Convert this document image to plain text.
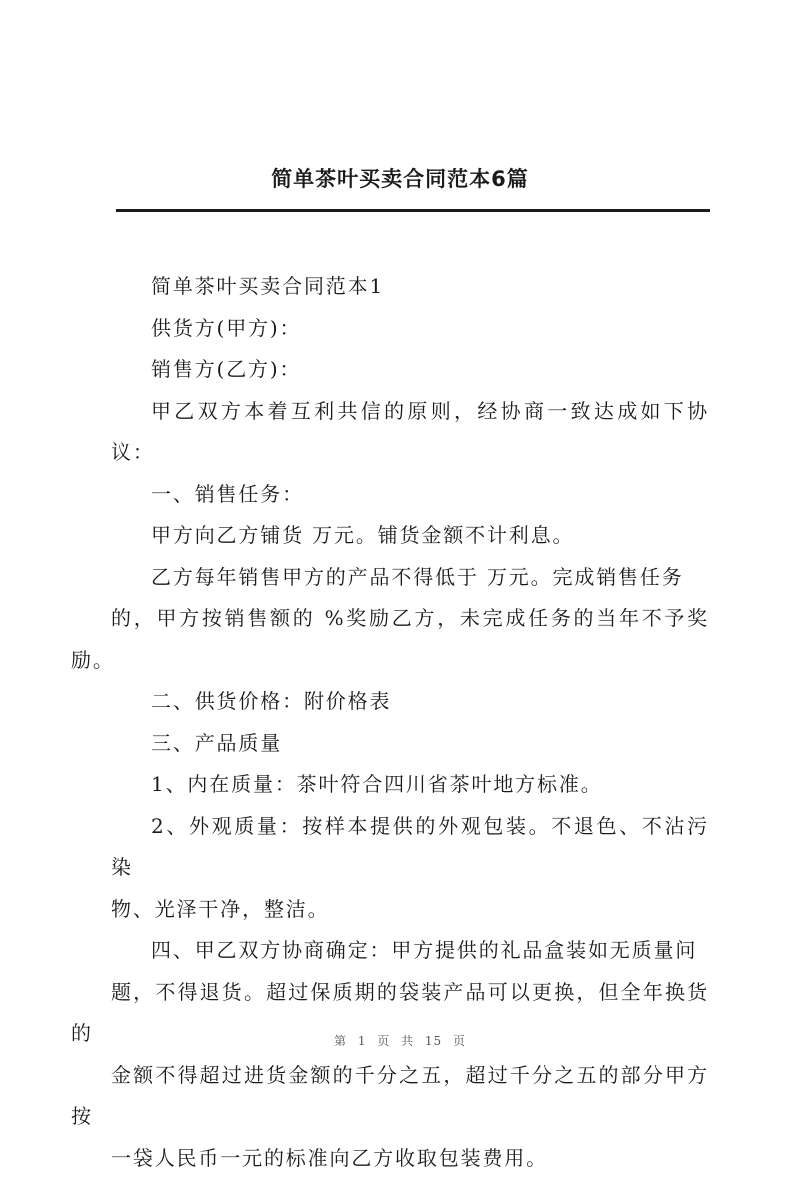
简单茶叶买卖合同范本6篇

简单茶叶买卖合同范本1

供货方(甲方)：

销售方(乙方)：

甲乙双方本着互利共信的原则，经协商一致达成如下协议：

一、销售任务：

甲方向乙方铺货 万元。铺货金额不计利息。

乙方每年销售甲方的产品不得低于 万元。完成销售任务
的，甲方按销售额的 %奖励乙方，未完成任务的当年不予奖励。

二、供货价格：附价格表

三、产品质量

1、内在质量：茶叶符合四川省茶叶地方标准。

2、外观质量：按样本提供的外观包装。不退色、不沾污染
物、光泽干净，整洁。

四、甲乙双方协商确定：甲方提供的礼品盒装如无质量问
题，不得退货。超过保质期的袋装产品可以更换，但全年换货的
金额不得超过进货金额的千分之五，超过千分之五的部分甲方按
一袋人民币一元的标准向乙方收取包装费用。

第 1 页 共 15 页
